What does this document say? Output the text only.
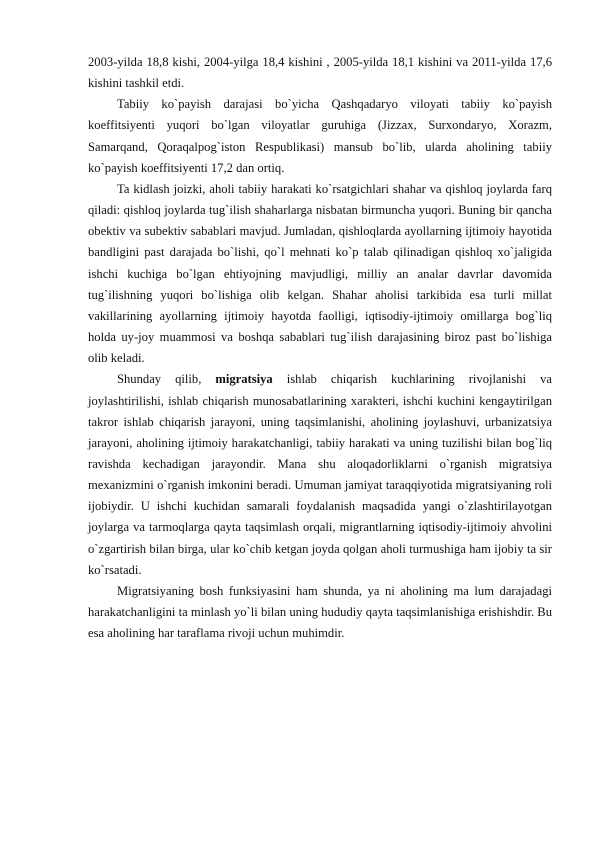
2003-yilda 18,8 kishi, 2004-yilga 18,4 kishini , 2005-yilda 18,1 kishini va 2011-yilda 17,6 kishini tashkil etdi.

Tabiiy ko`payish darajasi bo`yicha Qashqadaryo viloyati tabiiy ko`payish koeffitsiyenti yuqori bo`lgan viloyatlar guruhiga (Jizzax, Surxondaryo, Xorazm, Samarqand, Qoraqalpog`iston Respublikasi) mansub bo`lib, ularda aholining tabiiy ko`payish koeffitsiyenti 17,2 dan ortiq.

Ta kidlash joizki, aholi tabiiy harakati ko`rsatgichlari shahar va qishloq joylarda farq qiladi: qishloq joylarda tug`ilish shaharlarga nisbatan birmuncha yuqori. Buning bir qancha obektiv va subektiv sabablari mavjud. Jumladan, qishloqlarda ayollarning ijtimoiy hayotida bandligini past darajada bo`lishi, qo`l mehnati ko`p talab qilinadigan qishloq xo`jaligida ishchi kuchiga bo`lgan ehtiyojning mavjudligi, milliy an analar davrlar davomida tug`ilishning yuqori bo`lishiga olib kelgan. Shahar aholisi tarkibida esa turli millat vakillarining ayollarning ijtimoiy hayotda faolligi, iqtisodiy-ijtimoiy omillarga bog`liq holda uy-joy muammosi va boshqa sabablari tug`ilish darajasining biroz past bo`lishiga olib keladi.

Shunday qilib, migratsiya ishlab chiqarish kuchlarining rivojlanishi va joylashtirilishi, ishlab chiqarish munosabatlarining xarakteri, ishchi kuchini kengaytirilgan takror ishlab chiqarish jarayoni, uning taqsimlanishi, aholining joylashuvi, urbanizatsiya jarayoni, aholining ijtimoiy harakatchanligi, tabiiy harakati va uning tuzilishi bilan bog`liq ravishda kechadigan jarayondir. Mana shu aloqadorliklarni o`rganish migratsiya mexanizmini o`rganish imkonini beradi. Umuman jamiyat taraqqiyotida migratsiyaning roli ijobiydir. U ishchi kuchidan samarali foydalanish maqsadida yangi o`zlashtirilayotgan joylarga va tarmoqlarga qayta taqsimlash orqali, migrantlarning iqtisodiy-ijtimoiy ahvolini o`zgartirish bilan birga, ular ko`chib ketgan joyda qolgan aholi turmushiga ham ijobiy ta sir ko`rsatadi.

Migratsiyaning bosh funksiyasini ham shunda, ya ni aholining ma lum darajadagi harakatchanligini ta minlash yo`li bilan uning hududiy qayta taqsimlanishiga erishishdir. Bu esa aholining har taraflama rivoji uchun muhimdir.
